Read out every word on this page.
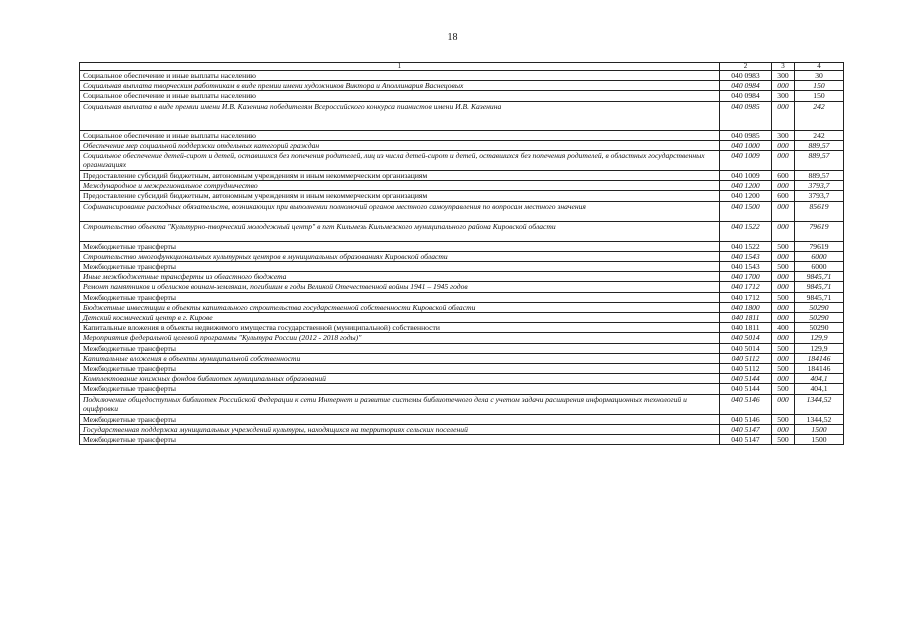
18
1	2	3	4
Социальное обеспечение и иные выплаты населению	040 0983	300	30
Социальная выплата творческим работникам в виде премии имени художников Виктора и Аполлинария Васнецовых	040 0984	000	150
Социальное обеспечение и иные выплаты населению	040 0984	300	150
Социальная выплата в виде премии имени И.В. Казенина победителям Всероссийского конкурса пианистов имени И.В. Казенина	040 0985	000	242
Социальное обеспечение и иные выплаты населению	040 0985	300	242
Обеспечение мер социальной поддержки отдельных категорий граждан	040 1000	000	889,57
Социальное обеспечение детей-сирот и детей, оставшихся без попечения родителей, лиц из числа детей-сирот и детей, оставшихся без попечения родителей, в областных государственных организациях	040 1009	000	889,57
Предоставление субсидий бюджетным, автономным учреждениям и иным некоммерческим организациям	040 1009	600	889,57
Международное и межрегиональное сотрудничество	040 1200	000	3793,7
Предоставление субсидий бюджетным, автономным учреждениям и иным некоммерческим организациям	040 1200	600	3793,7
Софинансирование расходных обязательств, возникающих при выполнении полномочий органов местного самоуправления по вопросам местного значения	040 1500	000	85619
Строительство объекта "Культурно-творческий молодежный центр" в пгт Кильмезь Кильмезского муниципального района Кировской области	040 1522	000	79619
Межбюджетные трансферты	040 1522	500	79619
Строительство многофункциональных культурных центров в муниципальных образованиях Кировской области	040 1543	000	6000
Межбюджетные трансферты	040 1543	500	6000
Иные межбюджетные трансферты из областного бюджета	040 1700	000	9845,71
Ремонт памятников и обелисков воинам-землякам, погибшим в годы Великой Отечественной войны 1941 – 1945 годов	040 1712	000	9845,71
Межбюджетные трансферты	040 1712	500	9845,71
Бюджетные инвестиции в объекты капитального строительства государственной собственности Кировской области	040 1800	000	50290
Детский космический центр в г. Кирове	040 1811	000	50290
Капитальные вложения в объекты недвижимого имущества государственной (муниципальной) собственности	040 1811	400	50290
Мероприятия федеральной целевой программы "Культура России (2012 - 2018 годы)"	040 5014	000	129,9
Межбюджетные трансферты	040 5014	500	129,9
Капитальные вложения в объекты муниципальной собственности	040 5112	000	184146
Межбюджетные трансферты	040 5112	500	184146
Комплектование книжных фондов библиотек муниципальных образований	040 5144	000	404,1
Межбюджетные трансферты	040 5144	500	404,1
Подключение общедоступных библиотек Российской Федерации к сети Интернет и развитие системы библиотечного дела с учетом задачи расширения информационных технологий и оцифровки	040 5146	000	1344,52
Межбюджетные трансферты	040 5146	500	1344,52
Государственная поддержка муниципальных учреждений культуры, находящихся на территориях сельских поселений	040 5147	000	1500
Межбюджетные трансферты	040 5147	500	1500
